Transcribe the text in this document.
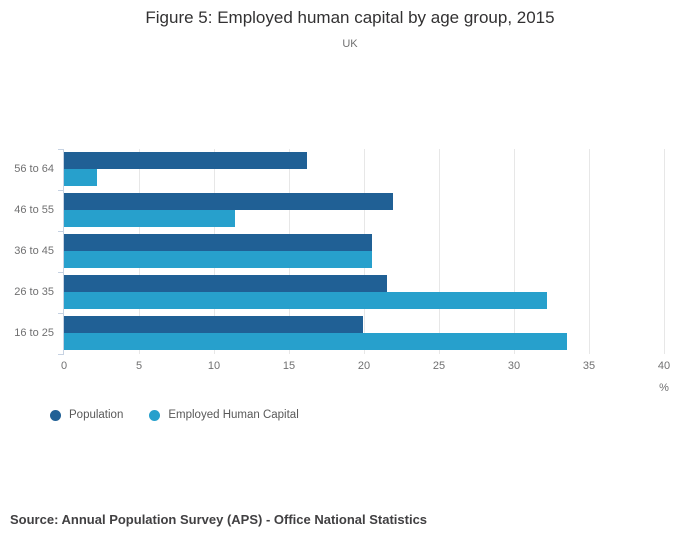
Figure 5: Employed human capital by age group, 2015
UK
56 to 64
46 to 55
36 to 45
26 to 35
16 to 25
0	5	10	15	20	25	30	35	40
%
Population	Employed Human Capital
Source: Annual Population Survey (APS) - Office National Statistics
